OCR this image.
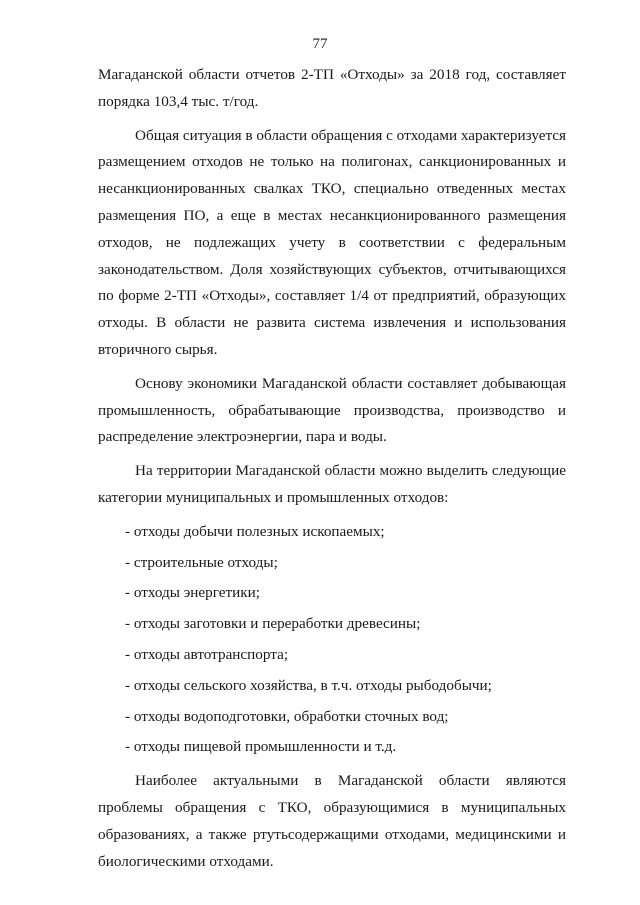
77

Магаданской области отчетов 2-ТП «Отходы» за 2018 год, составляет порядка 103,4 тыс. т/год.

Общая ситуация в области обращения с отходами характеризуется размещением отходов не только на полигонах, санкционированных и несанкционированных свалках ТКО, специально отведенных местах размещения ПО, а еще в местах несанкционированного размещения отходов, не подлежащих учету в соответствии с федеральным законодательством. Доля хозяйствующих субъектов, отчитывающихся по форме 2-ТП «Отходы», составляет 1/4 от предприятий, образующих отходы. В области не развита система извлечения и использования вторичного сырья.

Основу экономики Магаданской области составляет добывающая промышленность, обрабатывающие производства, производство и распределение электроэнергии, пара и воды.

На территории Магаданской области можно выделить следующие категории муниципальных и промышленных отходов:

- отходы добычи полезных ископаемых;
- строительные отходы;
- отходы энергетики;
- отходы заготовки и переработки древесины;
- отходы автотранспорта;
- отходы сельского хозяйства, в т.ч. отходы рыбодобычи;
- отходы водоподготовки, обработки сточных вод;
- отходы пищевой промышленности и т.д.

Наиболее актуальными в Магаданской области являются проблемы обращения с ТКО, образующимися в муниципальных образованиях, а также ртутьсодержащими отходами, медицинскими и биологическими отходами.
